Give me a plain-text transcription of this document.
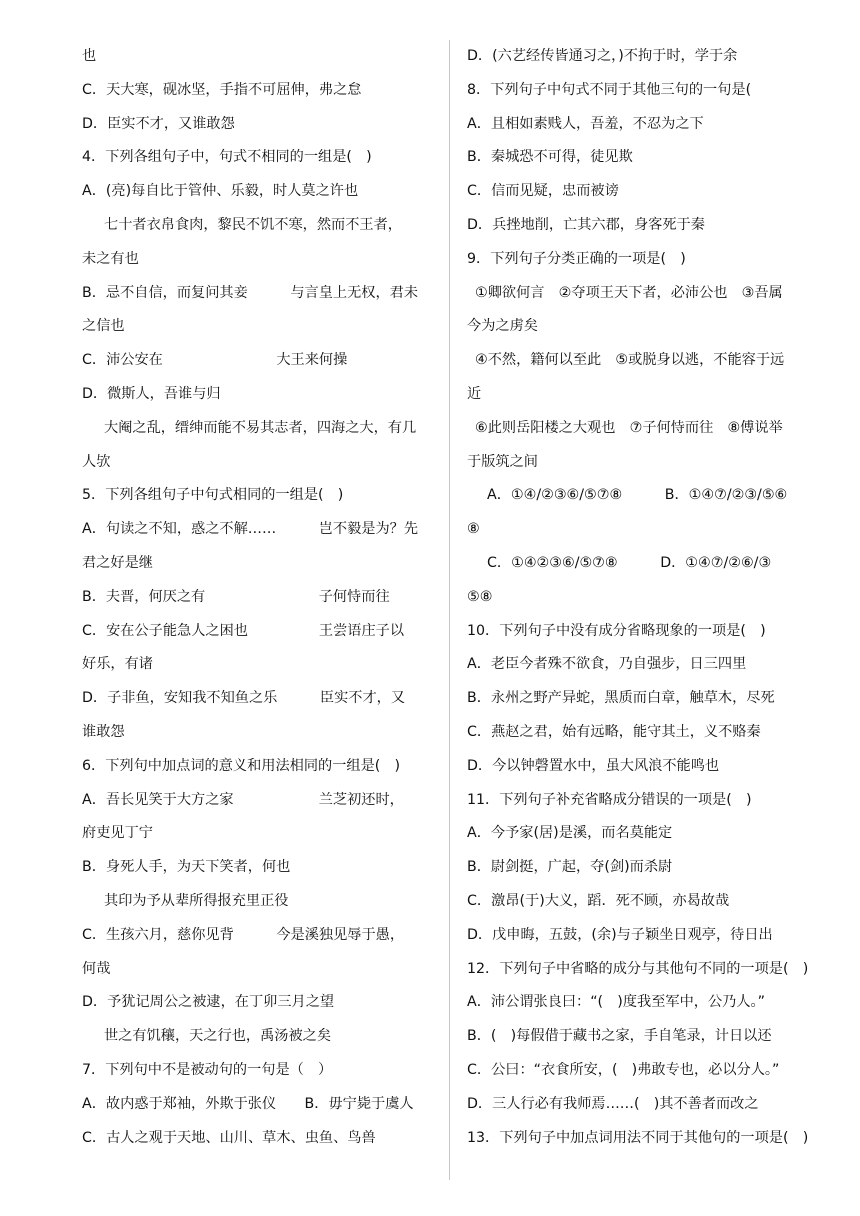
也
C．天大寒，砚冰坚，手指不可屈伸，弗之怠
D．臣实不才，又谁敢怨
4．下列各组句子中，句式不相同的一组是(　)
A．(亮)每自比于管仲、乐毅，时人莫之许也
七十者衣帛食肉，黎民不饥不寒，然而不王者，
未之有也
B．忌不自信，而复问其妾　　　与言皇上无权，君未
之信也
C．沛公安在　　　　　　　　大王来何操
D．微斯人，吾谁与归
大阉之乱，缙绅而能不易其志者，四海之大，有几
人欤
5．下列各组句子中句式相同的一组是(　)
A．句读之不知，惑之不解……　　　岂不毅是为？先
君之好是继
B．夫晋，何厌之有　　　　　　　　子何恃而往
C．安在公子能急人之困也　　　　　王尝语庄子以
好乐，有诸
D．子非鱼，安知我不知鱼之乐　　　臣实不才，又
谁敢怨
6．下列句中加点词的意义和用法相同的一组是(　)
A．吾长见笑于大方之家　　　　　　兰芝初还时，
府吏见丁宁
B．身死人手，为天下笑者，何也
其印为予从辈所得报充里正役
C．生孩六月，慈你见背　　　今是溪独见辱于愚，
何哉
D．予犹记周公之被逮，在丁卯三月之望
世之有饥穰，天之行也，禹汤被之矣
7．下列句中不是被动句的一句是（　）
A．故内惑于郑袖，外欺于张仪　　B．毋宁毙于虞人
C．古人之观于天地、山川、草木、虫鱼、鸟兽
D．(六艺经传皆通习之，)不拘于时，学于余
8．下列句子中句式不同于其他三句的一句是(
A．且相如素贱人，吾羞，不忍为之下
B．秦城恐不可得，徒见欺
C．信而见疑，忠而被谤
D．兵挫地削，亡其六郡，身客死于秦
9．下列句子分类正确的一项是(　)
①卿欲何言　②夺项王天下者，必沛公也　③吾属
今为之虏矣
④不然，籍何以至此　⑤或脱身以逃，不能容于远
近
⑥此则岳阳楼之大观也　⑦子何恃而往　⑧傅说举
于版筑之间
A．①④/②③⑥/⑤⑦⑧　　　B．①④⑦/②③/⑤⑥
⑧
C．①④②③⑥/⑤⑦⑧　　　D．①④⑦/②⑥/③
⑤⑧
10．下列句子中没有成分省略现象的一项是(　)
A．老臣今者殊不欲食，乃自强步，日三四里
B．永州之野产异蛇，黑质而白章，触草木，尽死
C．燕赵之君，始有远略，能守其土，义不赂秦
D．今以钟磬置水中，虽大风浪不能鸣也
11．下列句子补充省略成分错误的一项是(　)
A．今予家(居)是溪，而名莫能定
B．尉剑挺，广起，夺(剑)而杀尉
C．激昂(于)大义，蹈．死不顾，亦曷故哉
D．戊申晦，五鼓，(余)与子颖坐日观亭，待日出
12．下列句子中省略的成分与其他句不同的一项是(　)
A．沛公谓张良曰：“(　)度我至军中，公乃人。”
B．(　)每假借于藏书之家，手自笔录，计日以还
C．公曰：“衣食所安，(　)弗敢专也，必以分人。”
D．三人行必有我师焉……(　)其不善者而改之
13．下列句子中加点词用法不同于其他句的一项是(　)
